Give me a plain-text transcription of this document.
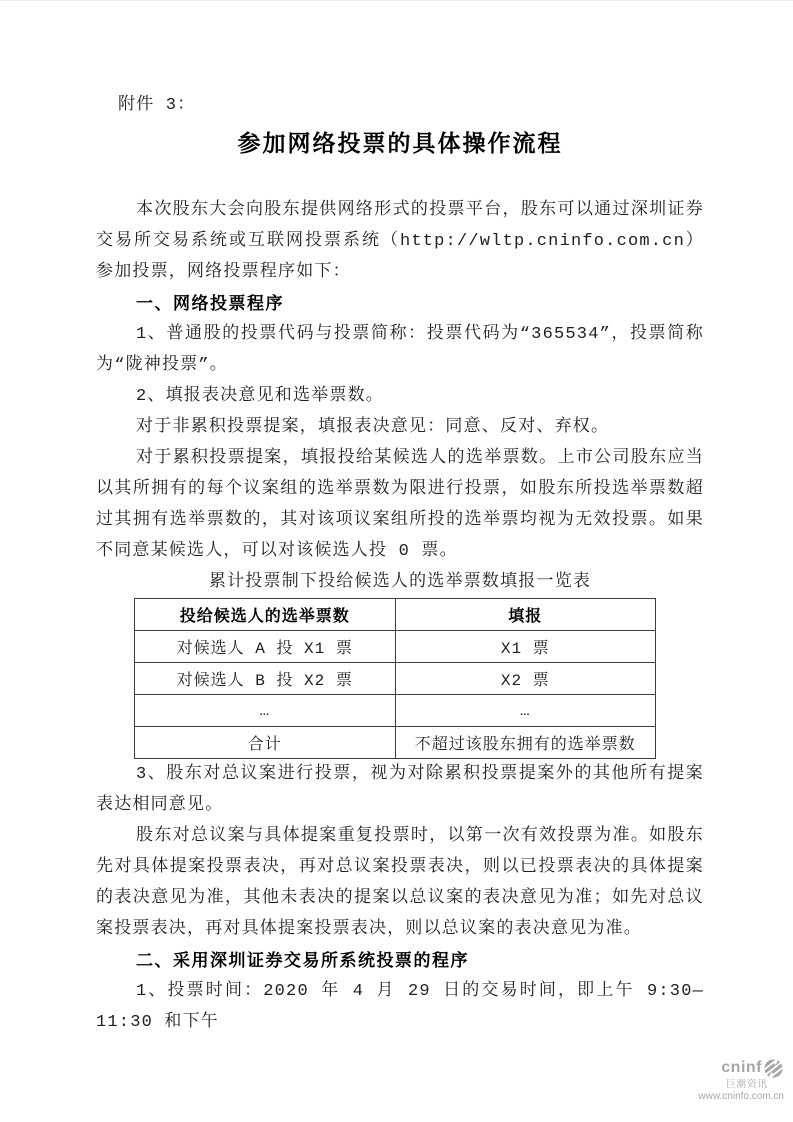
附件 3：
参加网络投票的具体操作流程

本次股东大会向股东提供网络形式的投票平台，股东可以通过深圳证券交易所交易系统或互联网投票系统（http://wltp.cninfo.com.cn）参加投票，网络投票程序如下：

一、网络投票程序

1、普通股的投票代码与投票简称：投票代码为“365534”，投票简称为“陇神投票”。

2、填报表决意见和选举票数。

对于非累积投票提案，填报表决意见：同意、反对、弃权。

对于累积投票提案，填报投给某候选人的选举票数。上市公司股东应当以其所拥有的每个议案组的选举票数为限进行投票，如股东所投选举票数超过其拥有选举票数的，其对该项议案组所投的选举票均视为无效投票。如果不同意某候选人，可以对该候选人投 0 票。

累计投票制下投给候选人的选举票数填报一览表
投给候选人的选举票数	填报
对候选人 A 投 X1 票	X1 票
对候选人 B 投 X2 票	X2 票
…	…
合计	不超过该股东拥有的选举票数

3、股东对总议案进行投票，视为对除累积投票提案外的其他所有提案表达相同意见。

股东对总议案与具体提案重复投票时，以第一次有效投票为准。如股东先对具体提案投票表决，再对总议案投票表决，则以已投票表决的具体提案的表决意见为准，其他未表决的提案以总议案的表决意见为准；如先对总议案投票表决，再对具体提案投票表决，则以总议案的表决意见为准。

二、采用深圳证券交易所系统投票的程序

1、投票时间：2020 年 4 月 29 日的交易时间，即上午 9:30—11:30 和下午

cninf
巨潮资讯
www.cninfo.com.cn
